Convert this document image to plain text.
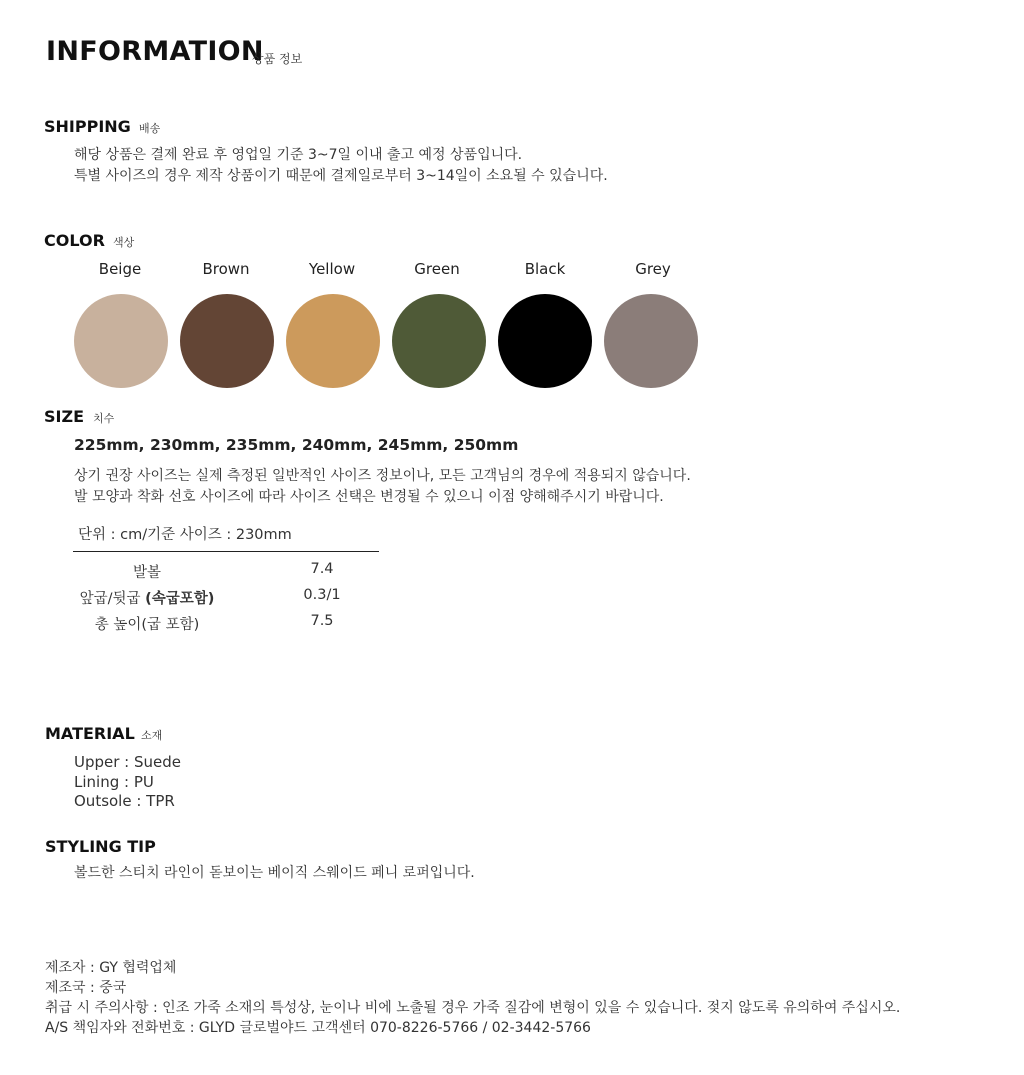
INFORMATION
상품 정보
SHIPPING 배송
해당 상품은 결제 완료 후 영업일 기준 3~7일 이내 출고 예정 상품입니다.
특별 사이즈의 경우 제작 상품이기 때문에 결제일로부터 3~14일이 소요될 수 있습니다.
COLOR 색상
Beige	Brown	Yellow	Green	Black	Grey
SIZE 치수
225mm, 230mm, 235mm, 240mm, 245mm, 250mm
상기 권장 사이즈는 실제 측정된 일반적인 사이즈 정보이나, 모든 고객님의 경우에 적용되지 않습니다.
발 모양과 착화 선호 사이즈에 따라 사이즈 선택은 변경될 수 있으니 이점 양해해주시기 바랍니다.
단위 : cm/기준 사이즈 : 230mm
발볼	7.4
앞굽/뒷굽 (속굽포함)	0.3/1
총 높이(굽 포함)	7.5
MATERIAL 소재
Upper : Suede
Lining : PU
Outsole : TPR
STYLING TIP
볼드한 스티치 라인이 돋보이는 베이직 스웨이드 페니 로퍼입니다.
제조자 : GY 협력업체
제조국 : 중국
취급 시 주의사항 : 인조 가죽 소재의 특성상, 눈이나 비에 노출될 경우 가죽 질감에 변형이 있을 수 있습니다. 젖지 않도록 유의하여 주십시오.
A/S 책임자와 전화번호 : GLYD 글로벌야드 고객센터 070-8226-5766 / 02-3442-5766
